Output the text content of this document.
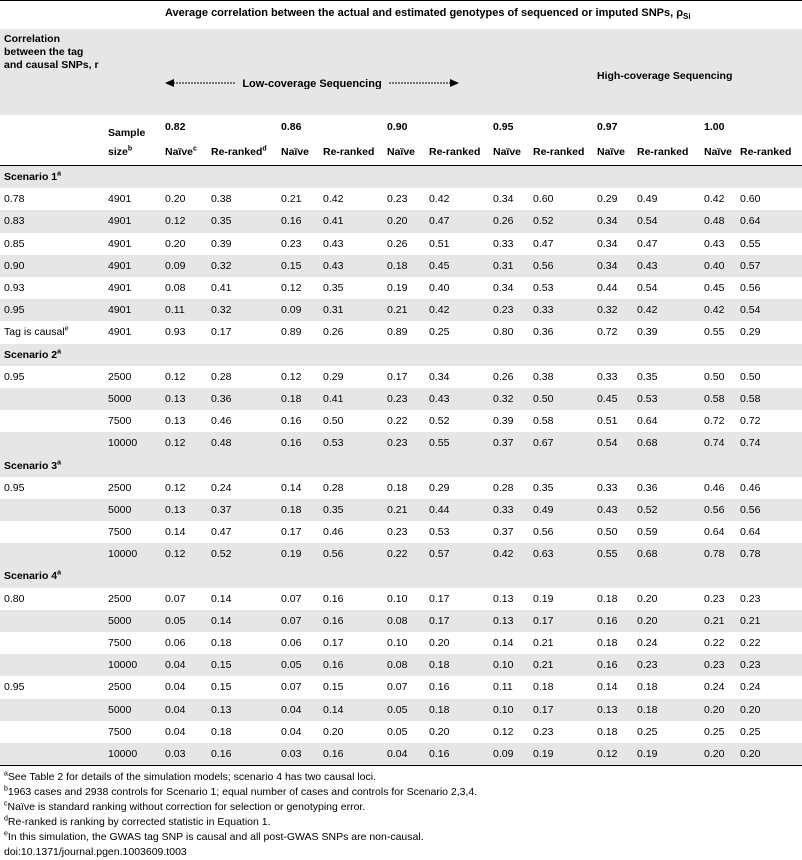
		Average correlation between the actual and estimated genotypes of sequenced or imputed SNPs, $\rho_{Si}$
Correlation between the tag and causal SNPs, r		Low-coverage Sequencing								High-coverage Sequencing			
	Sample	0.82		0.86		0.90		0.95		0.97		1.00	
	size$^b$	Naïve$^c$	Re-ranked$^d$	Naïve	Re-ranked	Naïve	Re-ranked	Naïve	Re-ranked	Naïve	Re-ranked	Naïve	Re-ranked
Scenario 1$^a$
0.78	4901	0.20	0.38	0.21	0.42	0.23	0.42	0.34	0.60	0.29	0.49	0.42	0.60
0.83	4901	0.12	0.35	0.16	0.41	0.20	0.47	0.26	0.52	0.34	0.54	0.48	0.64
0.85	4901	0.20	0.39	0.23	0.43	0.26	0.51	0.33	0.47	0.34	0.47	0.43	0.55
0.90	4901	0.09	0.32	0.15	0.43	0.18	0.45	0.31	0.56	0.34	0.43	0.40	0.57
0.93	4901	0.08	0.41	0.12	0.35	0.19	0.40	0.34	0.53	0.44	0.54	0.45	0.56
0.95	4901	0.11	0.32	0.09	0.31	0.21	0.42	0.23	0.33	0.32	0.42	0.42	0.54
Tag is causal$^e$	4901	0.93	0.17	0.89	0.26	0.89	0.25	0.80	0.36	0.72	0.39	0.55	0.29
Scenario 2$^a$
0.95	2500	0.12	0.28	0.12	0.29	0.17	0.34	0.26	0.38	0.33	0.35	0.50	0.50
	5000	0.13	0.36	0.18	0.41	0.23	0.43	0.32	0.50	0.45	0.53	0.58	0.58
	7500	0.13	0.46	0.16	0.50	0.22	0.52	0.39	0.58	0.51	0.64	0.72	0.72
	10000	0.12	0.48	0.16	0.53	0.23	0.55	0.37	0.67	0.54	0.68	0.74	0.74
Scenario 3$^a$
0.95	2500	0.12	0.24	0.14	0.28	0.18	0.29	0.28	0.35	0.33	0.36	0.46	0.46
	5000	0.13	0.37	0.18	0.35	0.21	0.44	0.33	0.49	0.43	0.52	0.56	0.56
	7500	0.14	0.47	0.17	0.46	0.23	0.53	0.37	0.56	0.50	0.59	0.64	0.64
	10000	0.12	0.52	0.19	0.56	0.22	0.57	0.42	0.63	0.55	0.68	0.78	0.78
Scenario 4$^a$
0.80	2500	0.07	0.14	0.07	0.16	0.10	0.17	0.13	0.19	0.18	0.20	0.23	0.23
	5000	0.05	0.14	0.07	0.16	0.08	0.17	0.13	0.17	0.16	0.20	0.21	0.21
	7500	0.06	0.18	0.06	0.17	0.10	0.20	0.14	0.21	0.18	0.24	0.22	0.22
	10000	0.04	0.15	0.05	0.16	0.08	0.18	0.10	0.21	0.16	0.23	0.23	0.23
0.95	2500	0.04	0.15	0.07	0.15	0.07	0.16	0.11	0.18	0.14	0.18	0.24	0.24
	5000	0.04	0.13	0.04	0.14	0.05	0.18	0.10	0.17	0.13	0.18	0.20	0.20
	7500	0.04	0.18	0.04	0.20	0.05	0.20	0.12	0.23	0.18	0.25	0.25	0.25
	10000	0.03	0.16	0.03	0.16	0.04	0.16	0.09	0.19	0.12	0.19	0.20	0.20
$^a$See Table 2 for details of the simulation models; scenario 4 has two causal loci.
$^b$1963 cases and 2938 controls for Scenario 1; equal number of cases and controls for Scenario 2,3,4.
$^c$Naïve is standard ranking without correction for selection or genotyping error.
$^d$Re-ranked is ranking by corrected statistic in Equation 1.
$^e$In this simulation, the GWAS tag SNP is causal and all post-GWAS SNPs are non-causal.
doi:10.1371/journal.pgen.1003609.t003
